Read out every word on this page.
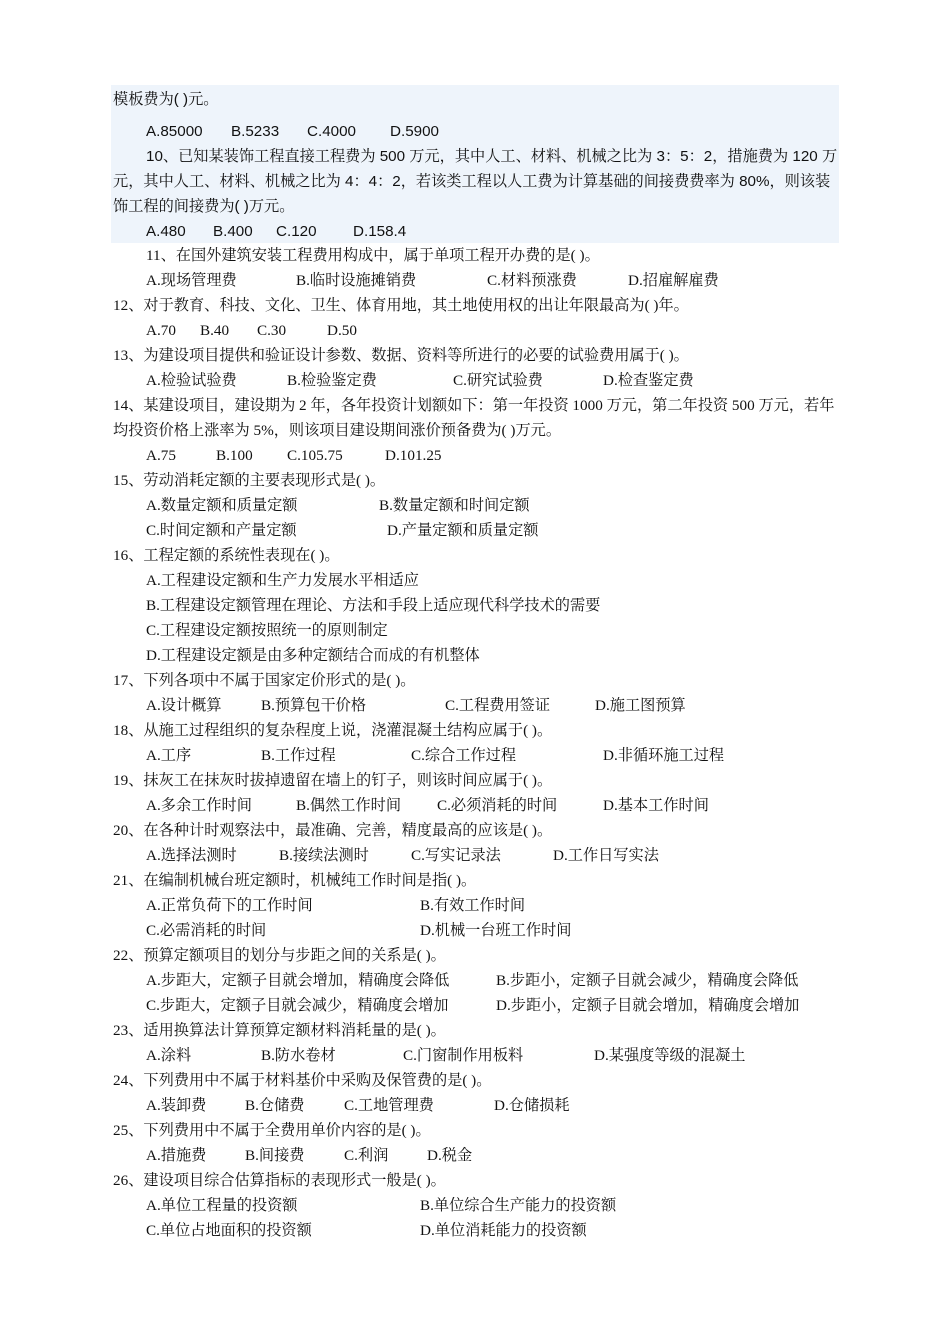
模板费为( )元。
A.85000 B.5233 C.4000 D.5900
10、已知某装饰工程直接工程费为 500 万元，其中人工、材料、机械之比为 3：5：2，措施费为 120 万元，其中人工、材料、机械之比为 4：4：2，若该类工程以人工费为计算基础的间接费费率为 80%，则该装饰工程的间接费为( )万元。
A.480 B.400 C.120 D.158.4
11、在国外建筑安装工程费用构成中，属于单项工程开办费的是( )。
A.现场管理费	B.临时设施摊销费	C.材料预涨费	D.招雇解雇费
12、对于教育、科技、文化、卫生、体育用地，其土地使用权的出让年限最高为( )年。
A.70 B.40 C.30	D.50
13、为建设项目提供和验证设计参数、数据、资料等所进行的必要的试验费用属于( )。
A.检验试验费	B.检验鉴定费	C.研究试验费	D.检查鉴定费
14、某建设项目，建设期为 2 年，各年投资计划额如下：第一年投资 1000 万元，第二年投资 500 万元，若年均投资价格上涨率为 5%，则该项目建设期间涨价预备费为( )万元。
A.75	B.100 C.105.75	D.101.25
15、劳动消耗定额的主要表现形式是( )。
A.数量定额和质量定额	B.数量定额和时间定额
C.时间定额和产量定额	D.产量定额和质量定额
16、工程定额的系统性表现在( )。
A.工程建设定额和生产力发展水平相适应
B.工程建设定额管理在理论、方法和手段上适应现代科学技术的需要
C.工程建设定额按照统一的原则制定
D.工程建设定额是由多种定额结合而成的有机整体
17、下列各项中不属于国家定价形式的是( )。
A.设计概算	B.预算包干价格	C.工程费用签证	D.施工图预算
18、从施工过程组织的复杂程度上说，浇灌混凝土结构应属于( )。
A.工序	B.工作过程	C.综合工作过程	D.非循环施工过程
19、抹灰工在抹灰时拔掉遗留在墙上的钉子，则该时间应属于( )。
A.多余工作时间	B.偶然工作时间 C.必须消耗的时间	D.基本工作时间
20、在各种计时观察法中，最准确、完善，精度最高的应该是( )。
A.选择法测时	B.接续法测时	C.写实记录法	D.工作日写实法
21、在编制机械台班定额时，机械纯工作时间是指( )。
A.正常负荷下的工作时间	B.有效工作时间
C.必需消耗的时间	D.机械一台班工作时间
22、预算定额项目的划分与步距之间的关系是( )。
A.步距大，定额子目就会增加，精确度会降低	B.步距小，定额子目就会减少，精确度会降低
C.步距大，定额子目就会减少，精确度会增加	D.步距小，定额子目就会增加，精确度会增加
23、适用换算法计算预算定额材料消耗量的是( )。
A.涂料	B.防水卷材	C.门窗制作用板料	D.某强度等级的混凝土
24、下列费用中不属于材料基价中采购及保管费的是( )。
A.装卸费	B.仓储费	C.工地管理费	D.仓储损耗
25、下列费用中不属于全费用单价内容的是( )。
A.措施费	B.间接费	C.利润	D.税金
26、建设项目综合估算指标的表现形式一般是( )。
A.单位工程量的投资额	B.单位综合生产能力的投资额
C.单位占地面积的投资额	D.单位消耗能力的投资额
